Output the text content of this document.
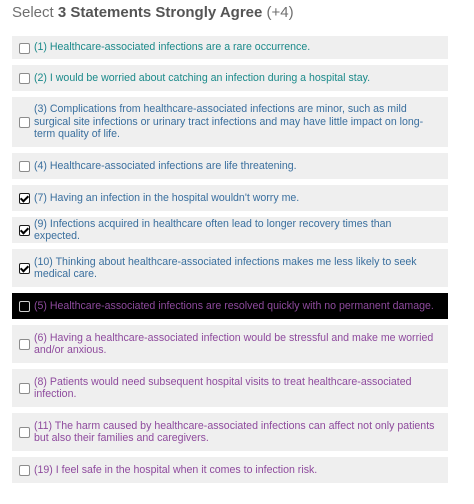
Select 3 Statements Strongly Agree (+4)
(1) Healthcare-associated infections are a rare occurrence.
(2) I would be worried about catching an infection during a hospital stay.
(3) Complications from healthcare-associated infections are minor, such as mild surgical site infections or urinary tract infections and may have little impact on long-term quality of life.
(4) Healthcare-associated infections are life threatening.
(7) Having an infection in the hospital wouldn't worry me.
(9) Infections acquired in healthcare often lead to longer recovery times than expected.
(10) Thinking about healthcare-associated infections makes me less likely to seek medical care.
(5) Healthcare-associated infections are resolved quickly with no permanent damage.
(6) Having a healthcare-associated infection would be stressful and make me worried and/or anxious.
(8) Patients would need subsequent hospital visits to treat healthcare-associated infection.
(11) The harm caused by healthcare-associated infections can affect not only patients but also their families and caregivers.
(19) I feel safe in the hospital when it comes to infection risk.
